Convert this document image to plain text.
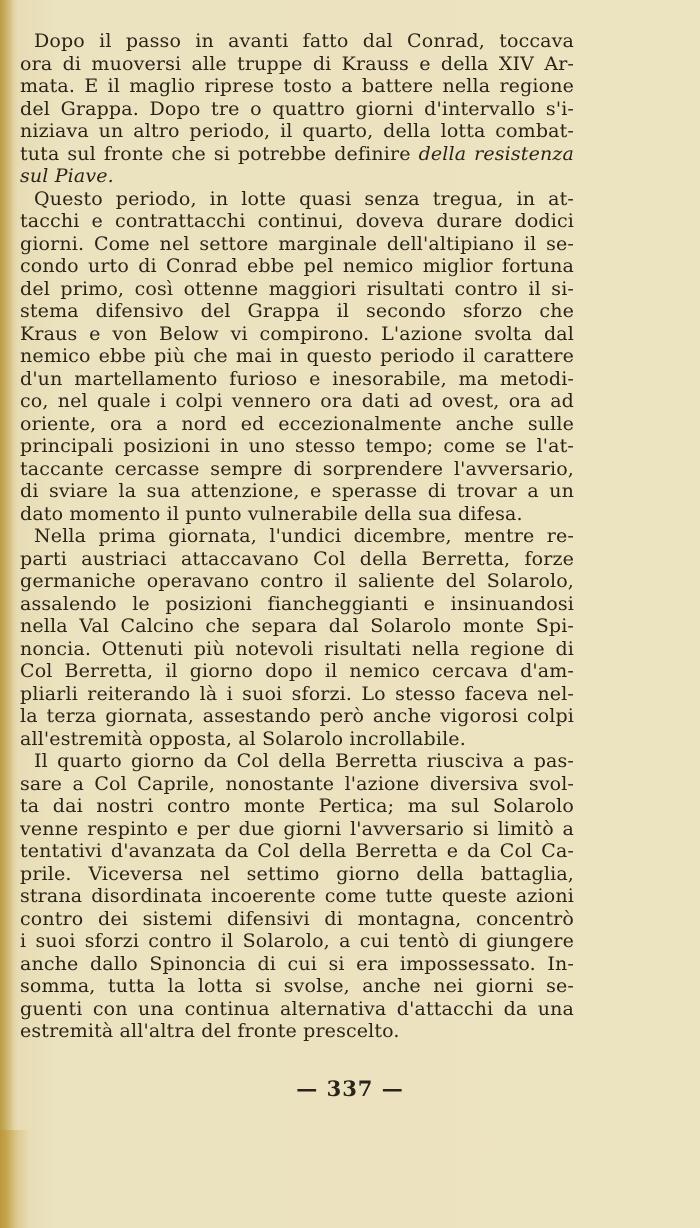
Dopo il passo in avanti fatto dal Conrad, toccava
ora di muoversi alle truppe di Krauss e della XIV Ar-
mata. E il maglio riprese tosto a battere nella regione
del Grappa. Dopo tre o quattro giorni d'intervallo s'i-
niziava un altro periodo, il quarto, della lotta combat-
tuta sul fronte che si potrebbe definire della resistenza
sul Piave.
Questo periodo, in lotte quasi senza tregua, in at-
tacchi e contrattacchi continui, doveva durare dodici
giorni. Come nel settore marginale dell'altipiano il se-
condo urto di Conrad ebbe pel nemico miglior fortuna
del primo, così ottenne maggiori risultati contro il si-
stema difensivo del Grappa il secondo sforzo che
Kraus e von Below vi compirono. L'azione svolta dal
nemico ebbe più che mai in questo periodo il carattere
d'un martellamento furioso e inesorabile, ma metodi-
co, nel quale i colpi vennero ora dati ad ovest, ora ad
oriente, ora a nord ed eccezionalmente anche sulle
principali posizioni in uno stesso tempo; come se l'at-
taccante cercasse sempre di sorprendere l'avversario,
di sviare la sua attenzione, e sperasse di trovar a un
dato momento il punto vulnerabile della sua difesa.
Nella prima giornata, l'undici dicembre, mentre re-
parti austriaci attaccavano Col della Berretta, forze
germaniche operavano contro il saliente del Solarolo,
assalendo le posizioni fiancheggianti e insinuandosi
nella Val Calcino che separa dal Solarolo monte Spi-
noncia. Ottenuti più notevoli risultati nella regione di
Col Berretta, il giorno dopo il nemico cercava d'am-
pliarli reiterando là i suoi sforzi. Lo stesso faceva nel-
la terza giornata, assestando però anche vigorosi colpi
all'estremità opposta, al Solarolo incrollabile.
Il quarto giorno da Col della Berretta riusciva a pas-
sare a Col Caprile, nonostante l'azione diversiva svol-
ta dai nostri contro monte Pertica; ma sul Solarolo
venne respinto e per due giorni l'avversario si limitò a
tentativi d'avanzata da Col della Berretta e da Col Ca-
prile. Viceversa nel settimo giorno della battaglia,
strana disordinata incoerente come tutte queste azioni
contro dei sistemi difensivi di montagna, concentrò
i suoi sforzi contro il Solarolo, a cui tentò di giungere
anche dallo Spinoncia di cui si era impossessato. In-
somma, tutta la lotta si svolse, anche nei giorni se-
guenti con una continua alternativa d'attacchi da una
estremità all'altra del fronte prescelto.
— 337 —
